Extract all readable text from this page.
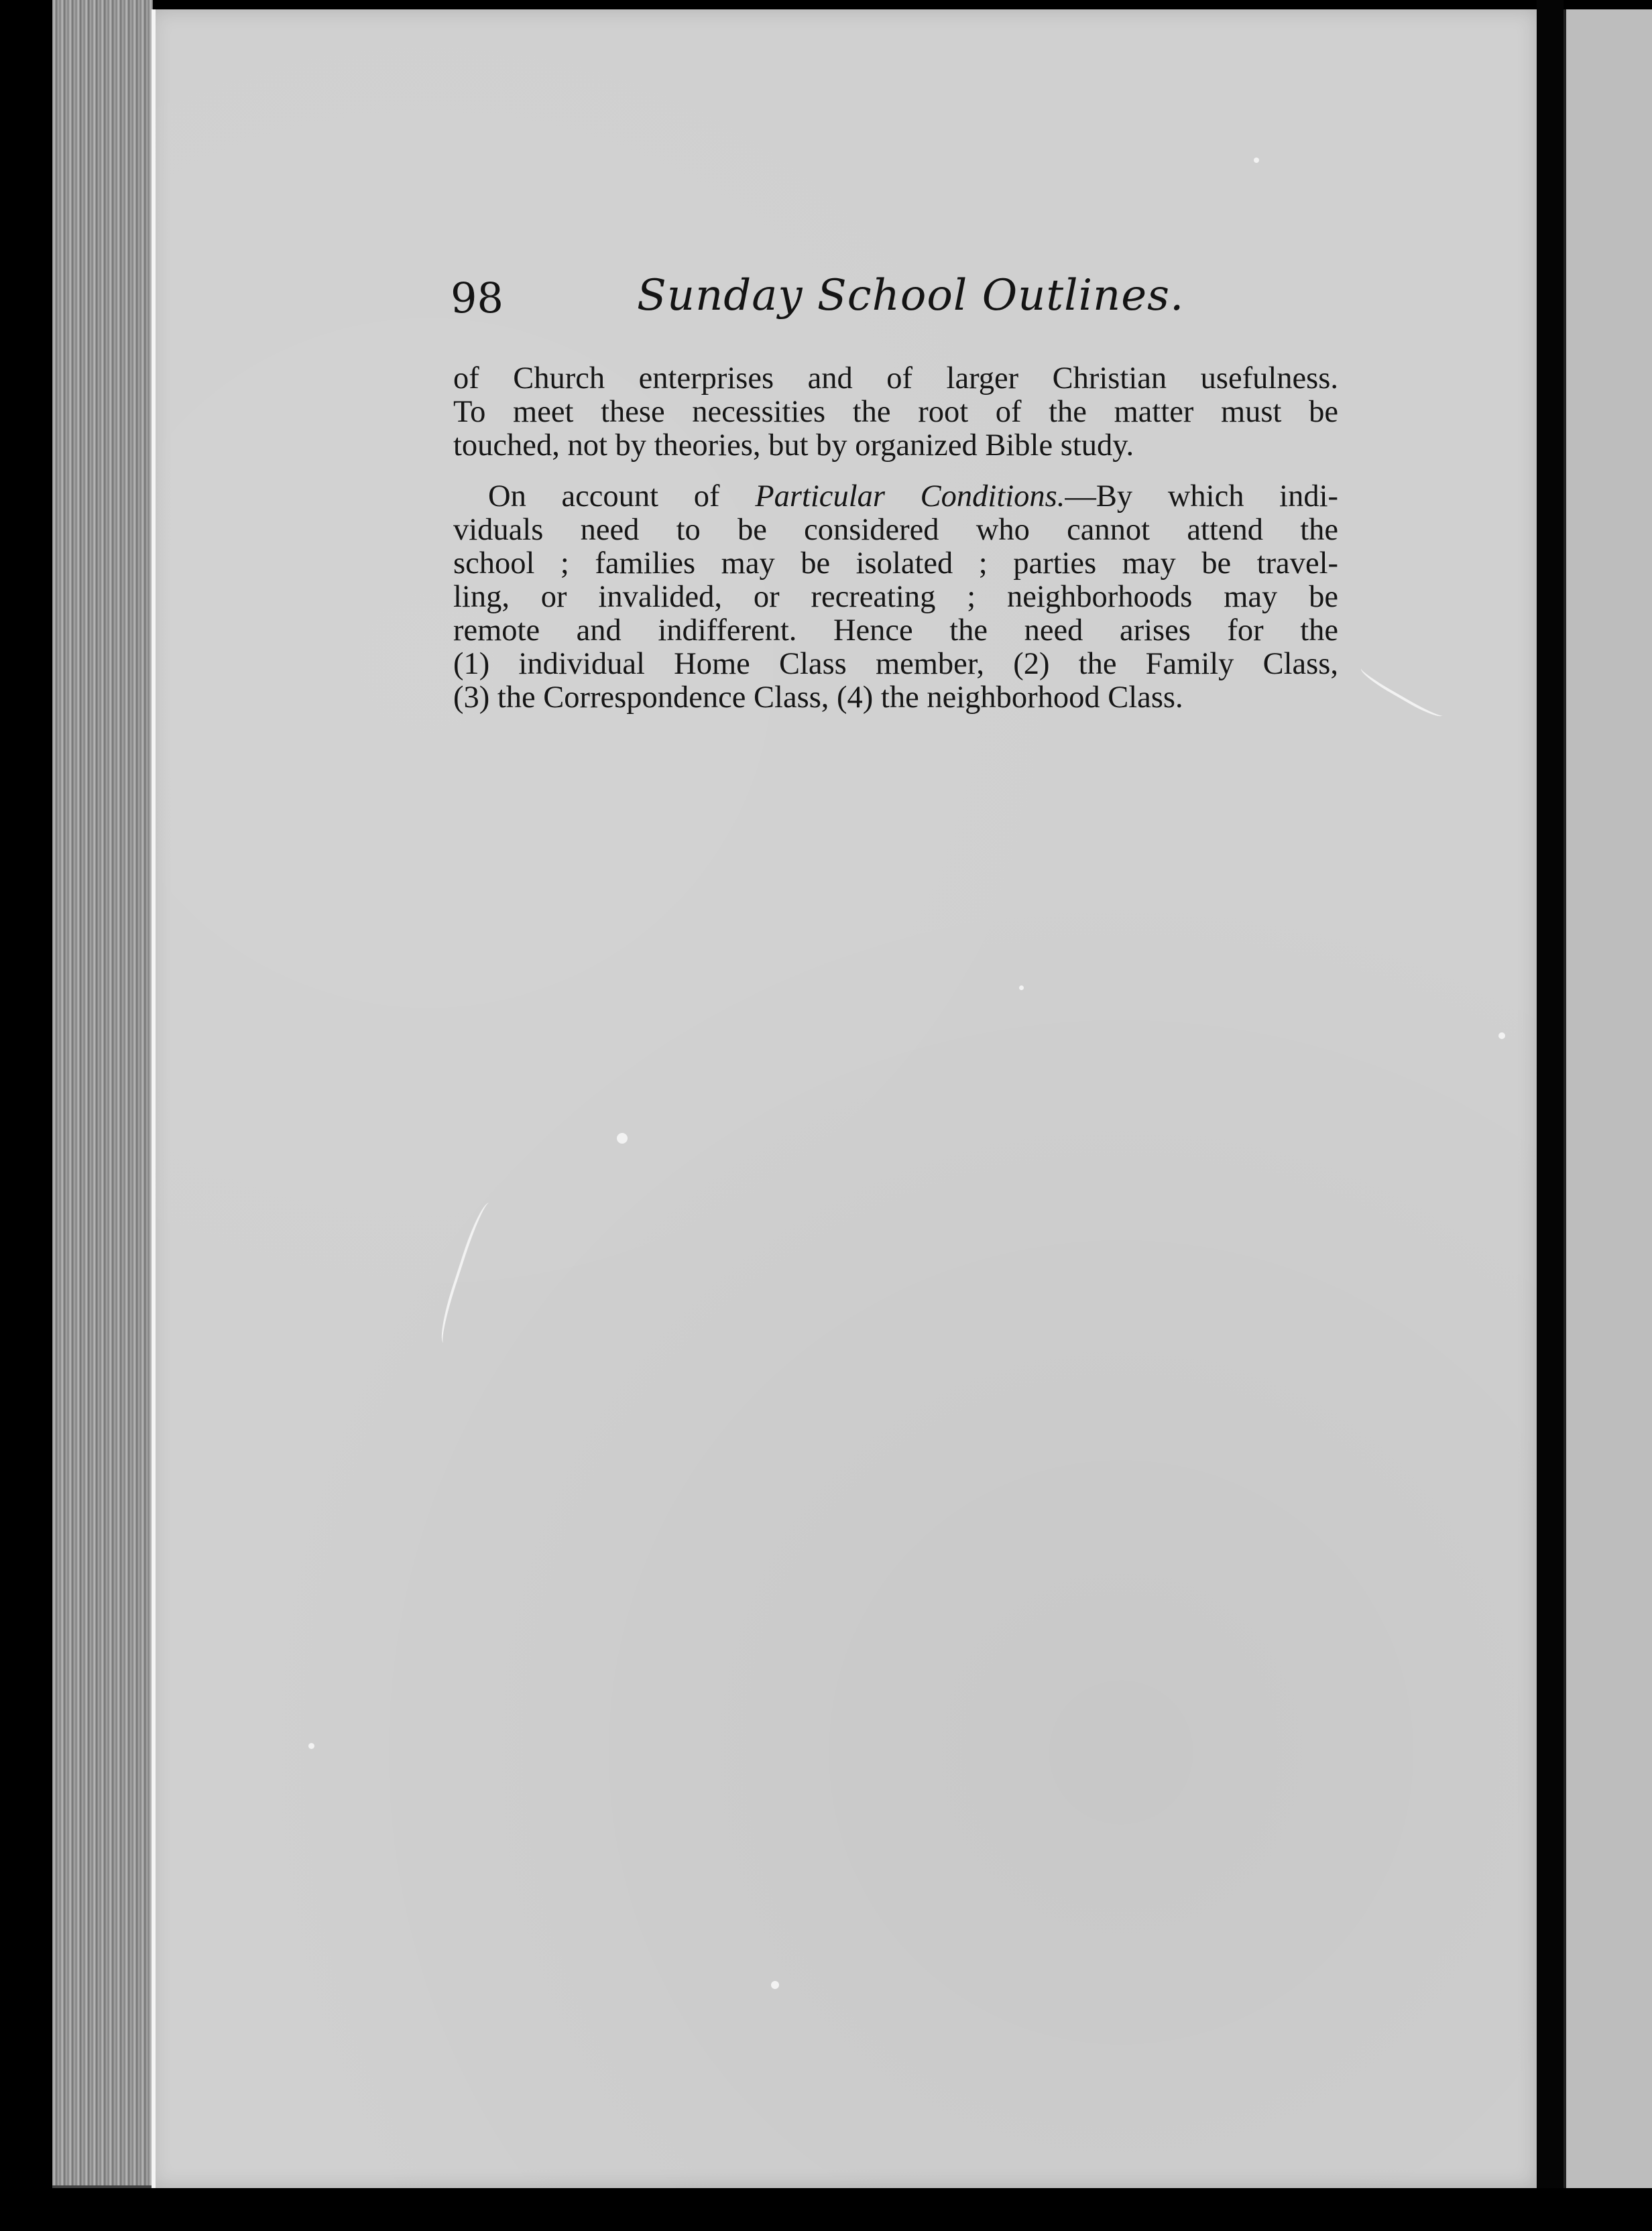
98	Sunday School Outlines.

of Church enterprises and of larger Christian usefulness.
To meet these necessities the root of the matter must be
touched, not by theories, but by organized Bible study.

On account of Particular Conditions.—By which indi-
viduals need to be considered who cannot attend the
school ; families may be isolated ; parties may be travel-
ling, or invalided, or recreating ; neighborhoods may be
remote and indifferent. Hence the need arises for the
(1) individual Home Class member, (2) the Family Class,
(3) the Correspondence Class, (4) the neighborhood Class.
